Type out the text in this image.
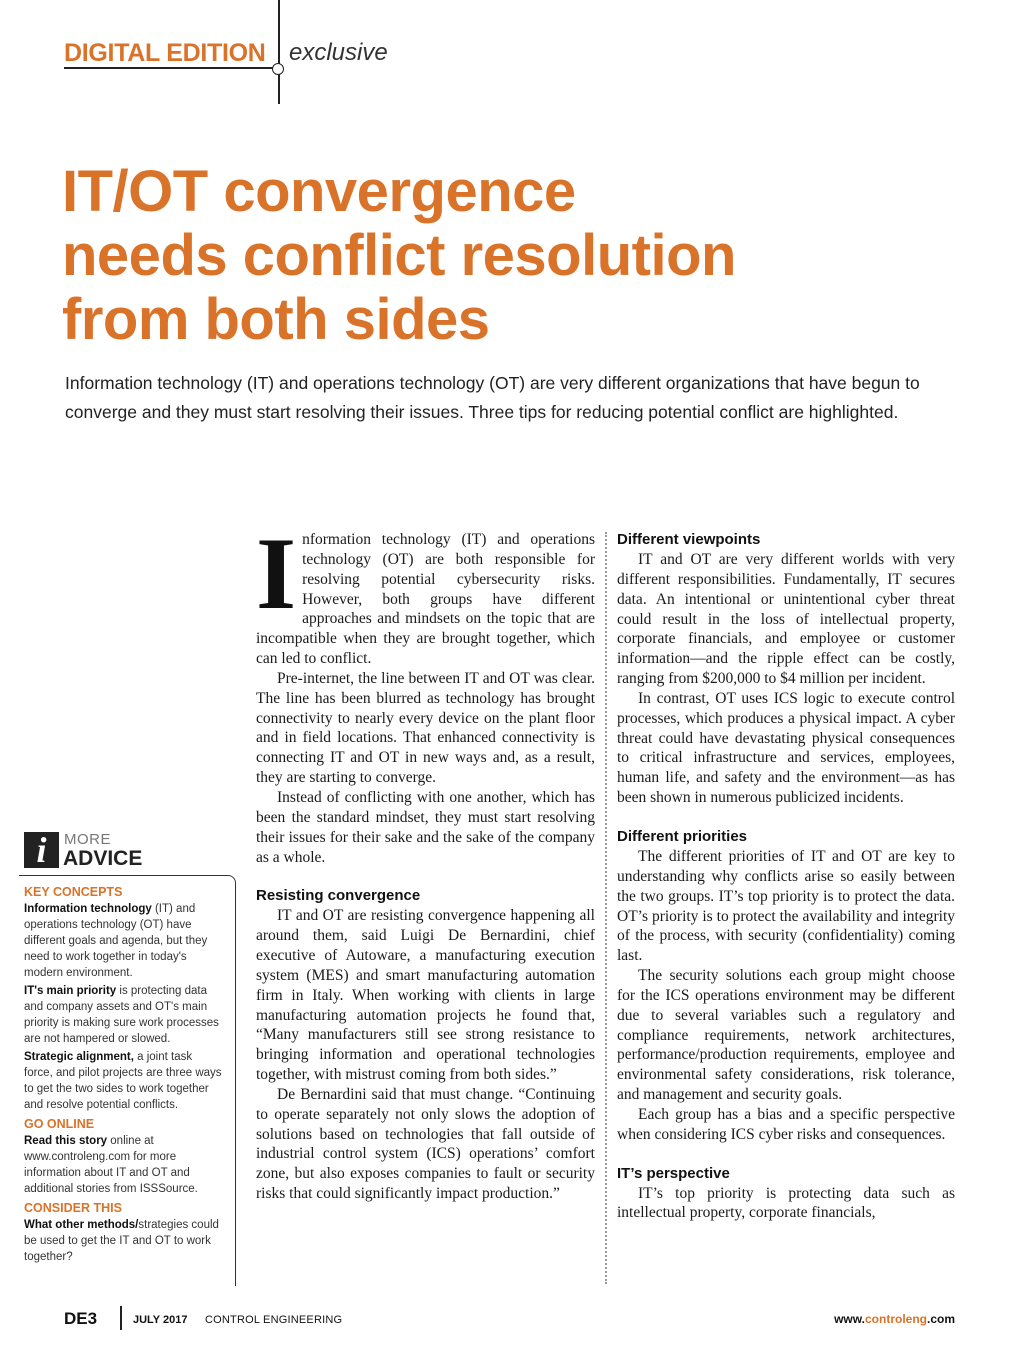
DIGITAL EDITION exclusive
IT/OT convergence
needs conflict resolution
from both sides
Information technology (IT) and operations technology (OT) are very different organizations that have begun to converge and they must start resolving their issues. Three tips for reducing potential conflict are highlighted.
i	MORE
ADVICE
KEY CONCEPTS

Information technology (IT) and operations technology (OT) have different goals and agenda, but they need to work together in today's modern environment.

IT's main priority is protecting data and company assets and OT's main priority is making sure work processes are not hampered or slowed.

Strategic alignment, a joint task force, and pilot projects are three ways to get the two sides to work together and resolve potential conflicts.

GO ONLINE

Read this story online at www.controleng.com for more information about IT and OT and additional stories from ISSSource.

CONSIDER THIS

What other methods/strategies could be used to get the IT and OT to work together?

Information technology (IT) and operations technology (OT) are both responsible for resolving potential cybersecurity risks. However, both groups have different approaches and mindsets on the topic that are incompatible when they are brought together, which can led to conflict.

Pre-internet, the line between IT and OT was clear. The line has been blurred as technology has brought connectivity to nearly every device on the plant floor and in field locations. That enhanced connectivity is connecting IT and OT in new ways and, as a result, they are starting to converge.

Instead of conflicting with one another, which has been the standard mindset, they must start resolving their issues for their sake and the sake of the company as a whole.

Resisting convergence

IT and OT are resisting convergence happening all around them, said Luigi De Bernardini, chief executive of Autoware, a manufacturing execution system (MES) and smart manufacturing automation firm in Italy. When working with clients in large manufacturing automation projects he found that, “Many manufacturers still see strong resistance to bringing information and operational technologies together, with mistrust coming from both sides.”

De Bernardini said that must change. “Continuing to operate separately not only slows the adoption of solutions based on technologies that fall outside of industrial control system (ICS) operations’ comfort zone, but also exposes companies to fault or security risks that could significantly impact production.”

Different viewpoints

IT and OT are very different worlds with very different responsibilities. Fundamentally, IT secures data. An intentional or unintentional cyber threat could result in the loss of intellectual property, corporate financials, and employee or customer information—and the ripple effect can be costly, ranging from $200,000 to $4 million per incident.

In contrast, OT uses ICS logic to execute control processes, which produces a physical impact. A cyber threat could have devastating physical consequences to critical infrastructure and services, employees, human life, and safety and the environment—as has been shown in numerous publicized incidents.

Different priorities

The different priorities of IT and OT are key to understanding why conflicts arise so easily between the two groups. IT’s top priority is to protect the data. OT’s priority is to protect the availability and integrity of the process, with security (confidentiality) coming last.

The security solutions each group might choose for the ICS operations environment may be different due to several variables such a regulatory and compliance requirements, network architectures, performance/production requirements, employee and environmental safety considerations, risk tolerance, and management and security goals.

Each group has a bias and a specific perspective when considering ICS cyber risks and consequences.

IT’s perspective

IT’s top priority is protecting data such as intellectual property, corporate financials,

DE3	JULY 2017 CONTROL ENGINEERING	www.controleng.com
